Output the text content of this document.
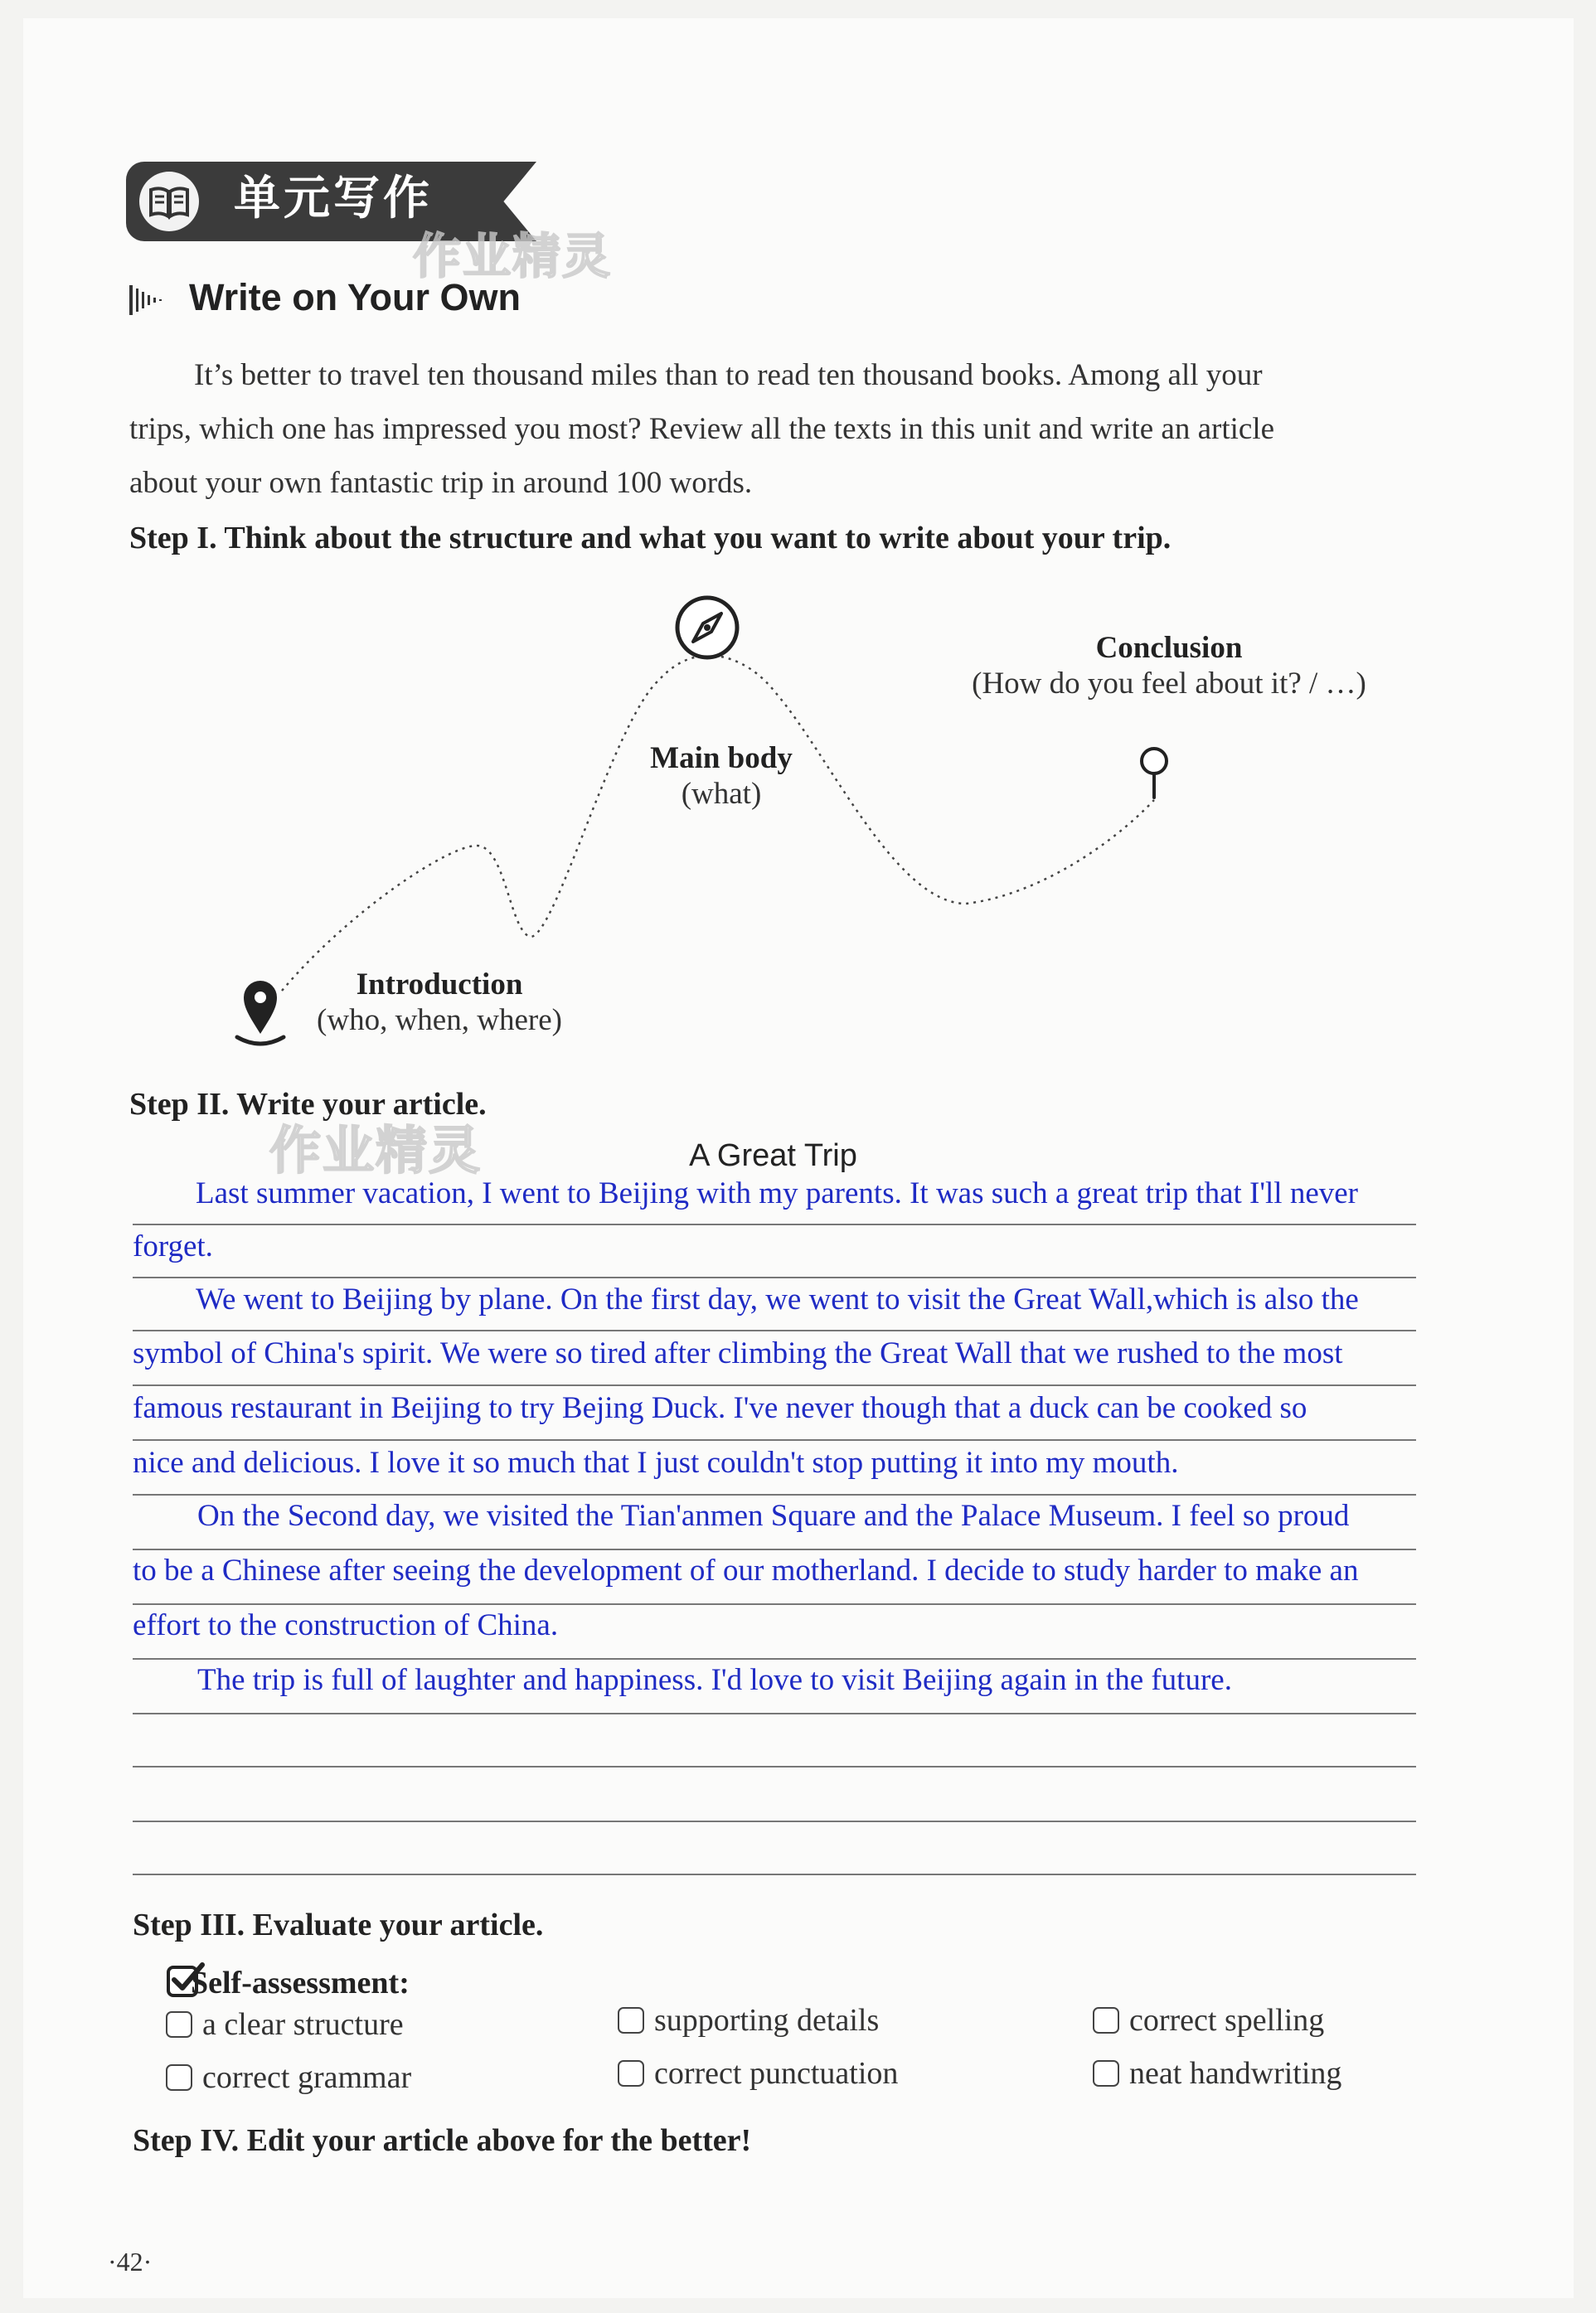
单元写作
作业精灵
Write on Your Own
It’s better to travel ten thousand miles than to read ten thousand books. Among all your
trips, which one has impressed you most? Review all the texts in this unit and write an article
about your own fantastic trip in around 100 words.
Step I. Think about the structure and what you want to write about your trip.
Conclusion
(How do you feel about it? / …)
Main body
(what)
Introduction
(who, when, where)
Step II. Write your article.
作业精灵	A Great Trip
Last summer vacation, I went to Beijing with my parents. It was such a great trip that I'll never
forget.
We went to Beijing by plane. On the first day, we went to visit the Great Wall,which is also the
symbol of China's spirit. We were so tired after climbing the Great Wall that we rushed to the most
famous restaurant in Beijing to try Bejing Duck. I've never though that a duck can be cooked so
nice and delicious. I love it so much that I just couldn't stop putting it into my mouth.
On the Second day, we visited the Tian'anmen Square and the Palace Museum. I feel so proud
to be a Chinese after seeing the development of our motherland. I decide to study harder to make an
effort to the construction of China.
The trip is full of laughter and happiness. I'd love to visit Beijing again in the future.
Step III. Evaluate your article.
Self-assessment:
a clear structure	supporting details	correct spelling
correct grammar	correct punctuation	neat handwriting
Step IV. Edit your article above for the better!
·42·
